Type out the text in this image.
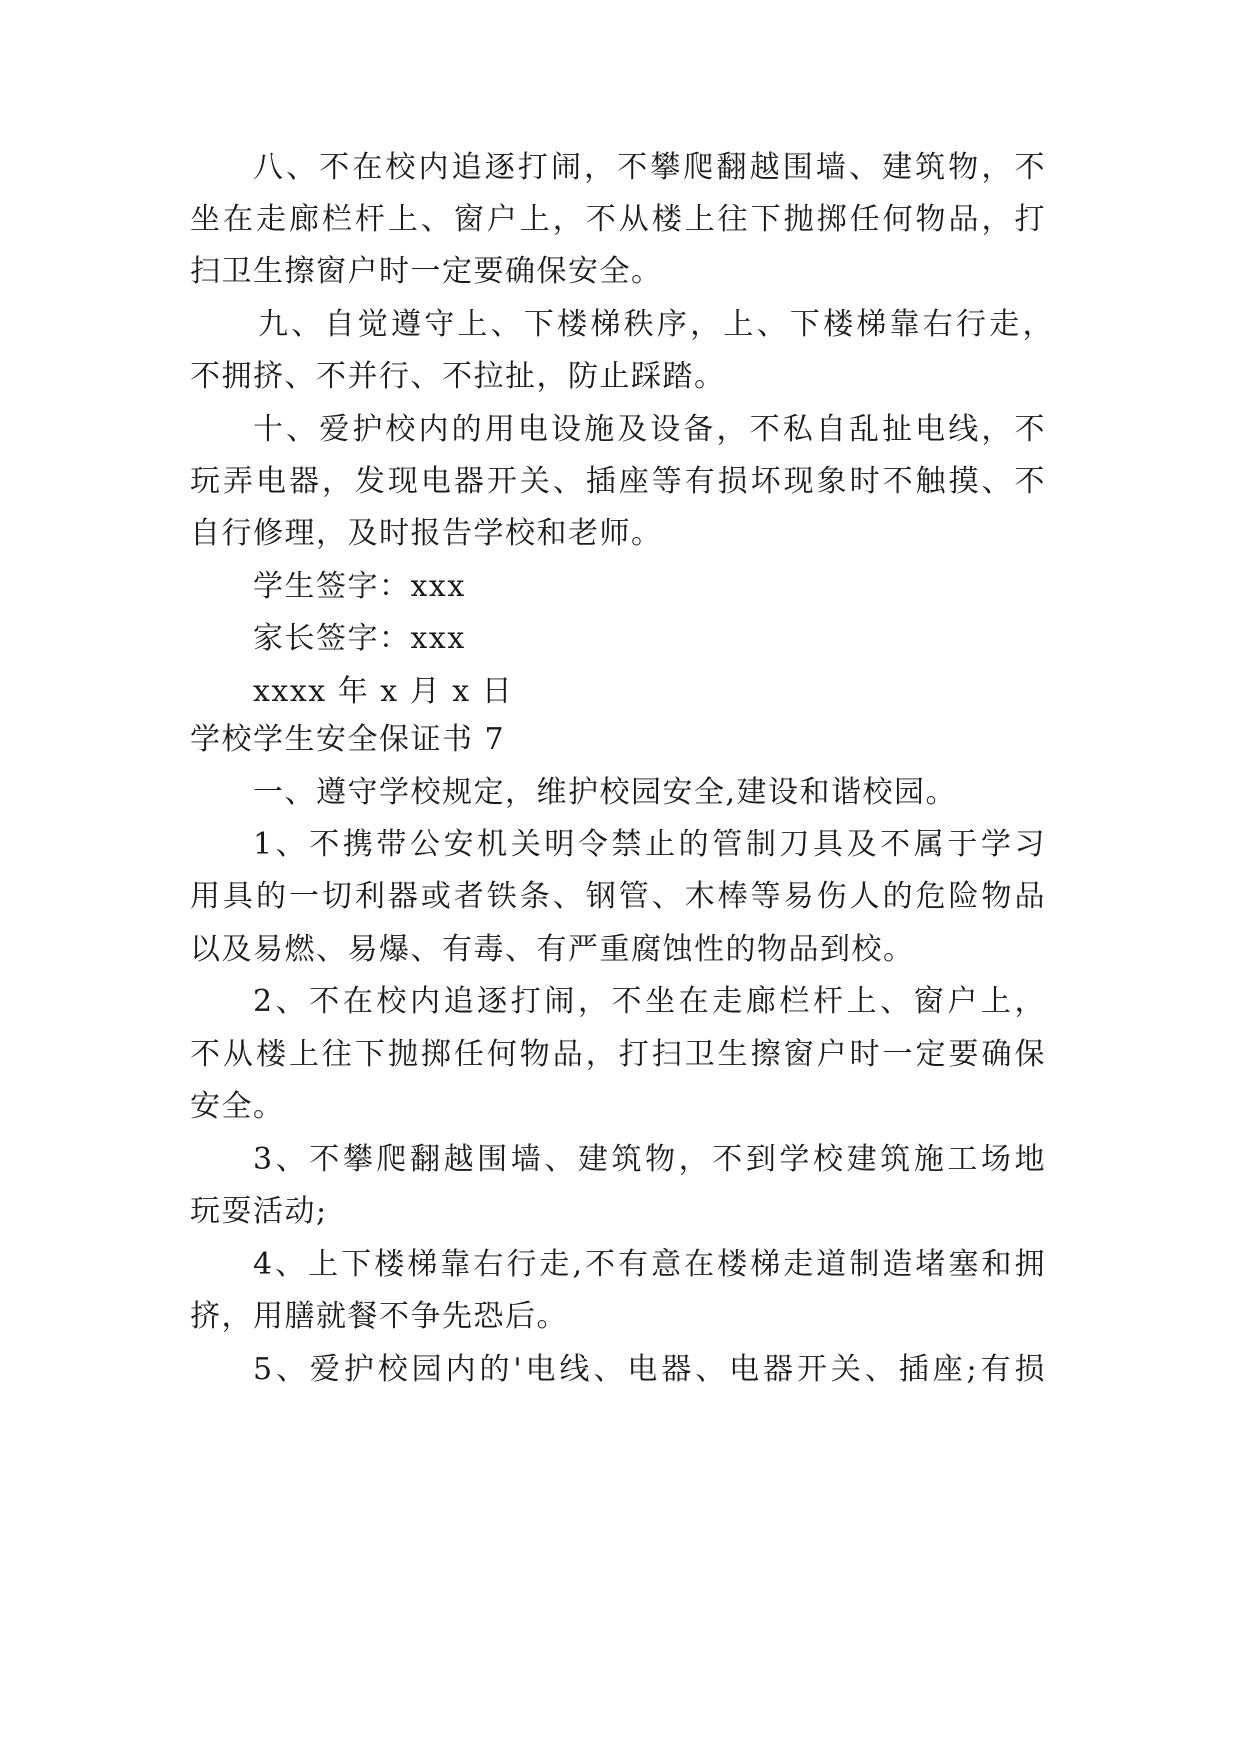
八、不在校内追逐打闹，不攀爬翻越围墙、建筑物，不
坐在走廊栏杆上、窗户上，不从楼上往下抛掷任何物品，打
扫卫生擦窗户时一定要确保安全。
九、自觉遵守上、下楼梯秩序，上、下楼梯靠右行走，
不拥挤、不并行、不拉扯，防止踩踏。
十、爱护校内的用电设施及设备，不私自乱扯电线，不
玩弄电器，发现电器开关、插座等有损坏现象时不触摸、不
自行修理，及时报告学校和老师。
学生签字：xxx
家长签字：xxx
xxxx 年 x 月 x 日
学校学生安全保证书 7
一、遵守学校规定，维护校园安全,建设和谐校园。
1、不携带公安机关明令禁止的管制刀具及不属于学习
用具的一切利器或者铁条、钢管、木棒等易伤人的危险物品
以及易燃、易爆、有毒、有严重腐蚀性的物品到校。
2、不在校内追逐打闹，不坐在走廊栏杆上、窗户上，
不从楼上往下抛掷任何物品，打扫卫生擦窗户时一定要确保
安全。
3、不攀爬翻越围墙、建筑物，不到学校建筑施工场地
玩耍活动;
4、上下楼梯靠右行走,不有意在楼梯走道制造堵塞和拥
挤，用膳就餐不争先恐后。
5、爱护校园内的'电线、电器、电器开关、插座;有损
